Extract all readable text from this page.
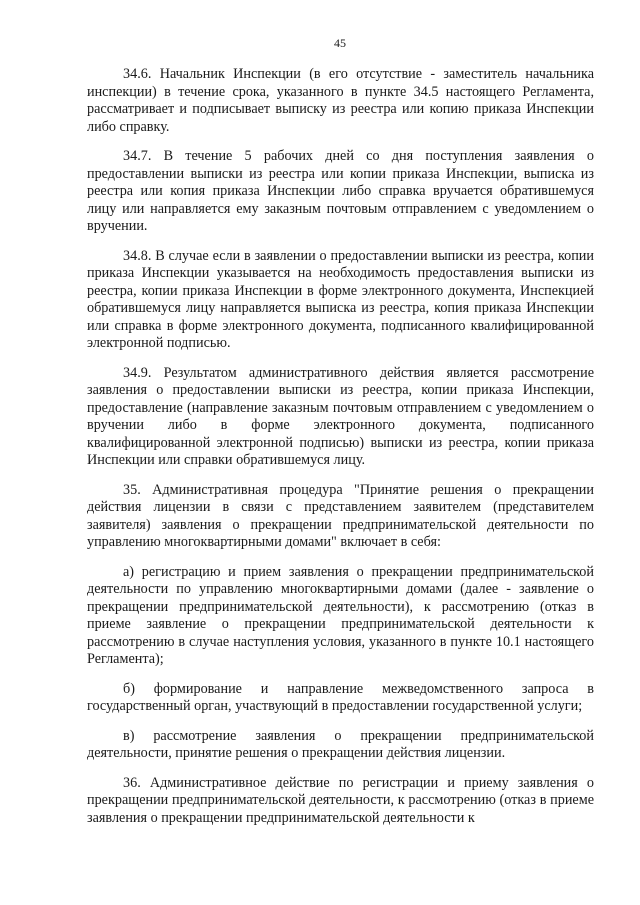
45

34.6. Начальник Инспекции (в его отсутствие - заместитель начальника инспекции) в течение срока, указанного в пункте 34.5 настоящего Регламента, рассматривает и подписывает выписку из реестра или копию приказа Инспекции либо справку.

34.7. В течение 5 рабочих дней со дня поступления заявления о предоставлении выписки из реестра или копии приказа Инспекции, выписка из реестра или копия приказа Инспекции либо справка вручается обратившемуся лицу или направляется ему заказным почтовым отправлением с уведомлением о вручении.

34.8. В случае если в заявлении о предоставлении выписки из реестра, копии приказа Инспекции указывается на необходимость предоставления выписки из реестра, копии приказа Инспекции в форме электронного документа, Инспекцией обратившемуся лицу направляется выписка из реестра, копия приказа Инспекции или справка в форме электронного документа, подписанного квалифицированной электронной подписью.

34.9. Результатом административного действия является рассмотрение заявления о предоставлении выписки из реестра, копии приказа Инспекции, предоставление (направление заказным почтовым отправлением с уведомлением о вручении либо в форме электронного документа, подписанного квалифицированной электронной подписью) выписки из реестра, копии приказа Инспекции или справки обратившемуся лицу.

35. Административная процедура "Принятие решения о прекращении действия лицензии в связи с представлением заявителем (представителем заявителя) заявления о прекращении предпринимательской деятельности по управлению многоквартирными домами" включает в себя:

а) регистрацию и прием заявления о прекращении предпринимательской деятельности по управлению многоквартирными домами (далее - заявление о прекращении предпринимательской деятельности), к рассмотрению (отказ в приеме заявление о прекращении предпринимательской деятельности к рассмотрению в случае наступления условия, указанного в пункте 10.1 настоящего Регламента);

б) формирование и направление межведомственного запроса в государственный орган, участвующий в предоставлении государственной услуги;

в) рассмотрение заявления о прекращении предпринимательской деятельности, принятие решения о прекращении действия лицензии.

36. Административное действие по регистрации и приему заявления о прекращении предпринимательской деятельности, к рассмотрению (отказ в приеме заявления о прекращении предпринимательской деятельности к
